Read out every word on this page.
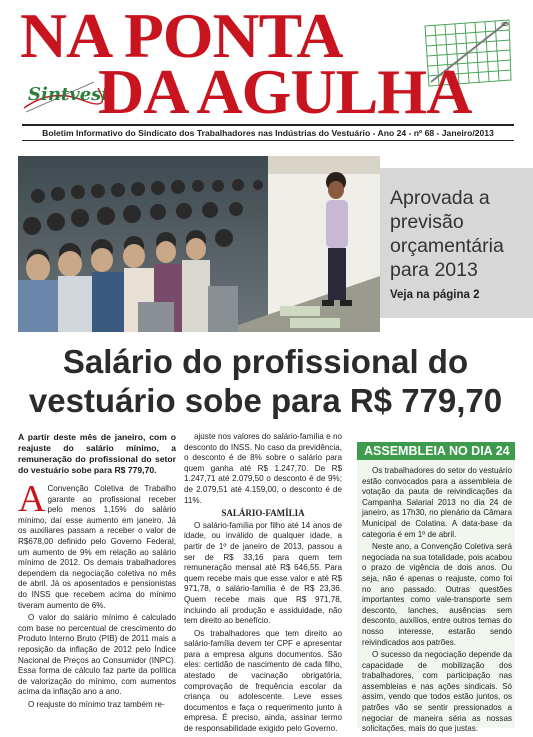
NA PONTA
Sintvest
DA AGULHA
Boletim Informativo do Sindicato dos Trabalhadores nas Indústrias do Vestuário - Ano 24 - nº 68 - Janeiro/2013
Aprovada a previsão orçamentária para 2013
Veja na página 2
Salário do profissional do vestuário sobe para R$ 779,70

A partir deste mês de janeiro, com o reajuste do salário mínimo, a remuneração do profissional do setor do vestuário sobe para R$ 779,70.

A Convenção Coletiva de Trabalho garante ao profissional receber pelo menos 1,15% do salário mínimo, daí esse aumento em janeiro. Já os auxiliares passam a receber o valor de R$678,00 definido pelo Governo Federal, um aumento de 9% em relação ao salário mínimo de 2012. Os demais trabalhadores dependem da negociação coletiva no mês de abril. Já os aposentados e pensionistas do INSS que recebem acima do mínimo tiveram aumento de 6%.

O valor do salário mínimo é calculado com base no percentual de crescimento do Produto Interno Bruto (PIB) de 2011 mais a reposição da inflação de 2012 pelo Índice Nacional de Preços ao Consumidor (INPC). Essa forma de cálculo faz parte da política de valorização do mínimo, com aumentos acima da inflação ano a ano.

O reajuste do mínimo traz também re-

ajuste nos valores do salário-família e no desconto do INSS. No caso da previdência, o desconto é de 8% sobre o salário para quem ganha até R$ 1.247,70. De R$ 1.247,71 até 2.079,50 o desconto é de 9%; de 2.079,51 até 4.159,00, o desconto é de 11%.

SALÁRIO-FAMÍLIA

O salário-família por filho até 14 anos de idade, ou inválido de qualquer idade, a partir de 1º de janeiro de 2013, passou a ser de R$ 33,16 para quem tem remuneração mensal até R$ 646,55. Para quem recebe mais que esse valor e até R$ 971,78, o salário-família é de R$ 23,36. Quem recebe mais que R$ 971,78, incluindo ali produção e assiduidade, não tem direito ao benefício.

Os trabalhadores que tem direito ao salário-família devem ter CPF e apresentar para a empresa alguns documentos. São eles: certidão de nascimento de cada filho, atestado de vacinação obrigatória, comprovação de frequência escolar da criança ou adolescente. Leve esses documentos e faça o requerimento junto à empresa. É preciso, ainda, assinar termo de responsabilidade exigido pelo Governo.

ASSEMBLEIA NO DIA 24

Os trabalhadores do setor do vestuário estão convocados para a assembleia de votação da pauta de reivindicações da Campanha Salarial 2013 no dia 24 de janeiro, as 17h30, no plenário da Câmara Municipal de Colatina. A data-base da categoria é em 1º de abril.

Neste ano, a Convenção Coletiva será negociada na sua totalidade, pois acabou o prazo de vigência de dois anos. Ou seja, não é apenas o reajuste, como foi no ano passado. Outras questões importantes como vale-transporte sem desconto, lanches, ausências sem desconto, auxílios, entre outros temas do nosso interesse, estarão sendo reivindicados aos patrões.

O sucesso da negociação depende da capacidade de mobilização dos trabalhadores, com participação nas assembleias e nas ações sindicais. Só assim, vendo que todos estão juntos, os patrões vão se sentir pressionados a negociar de maneira séria as nossas solicitações, mais do que justas.
